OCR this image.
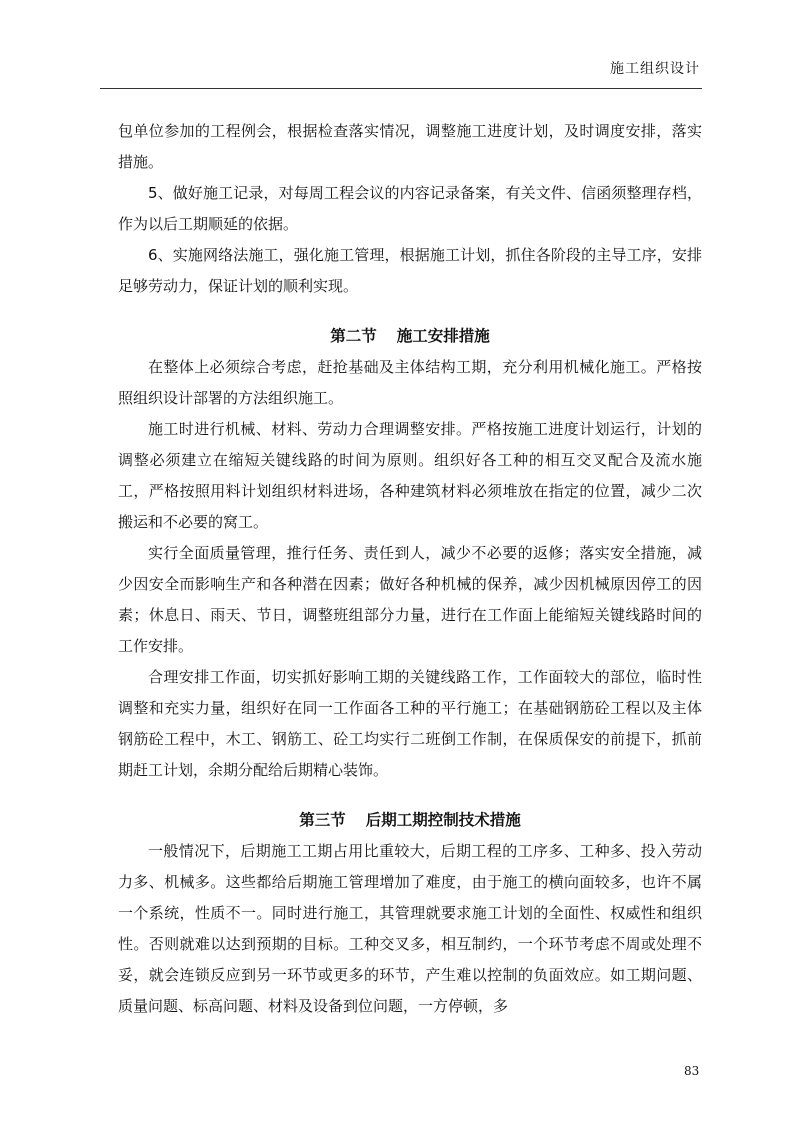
施工组织设计

包单位参加的工程例会，根据检查落实情况，调整施工进度计划，及时调度安排，落实措施。

5、做好施工记录，对每周工程会议的内容记录备案，有关文件、信函须整理存档，作为以后工期顺延的依据。

6、实施网络法施工，强化施工管理，根据施工计划，抓住各阶段的主导工序，安排足够劳动力，保证计划的顺利实现。

第二节 施工安排措施

在整体上必须综合考虑，赶抢基础及主体结构工期，充分利用机械化施工。严格按照组织设计部署的方法组织施工。

施工时进行机械、材料、劳动力合理调整安排。严格按施工进度计划运行，计划的调整必须建立在缩短关键线路的时间为原则。组织好各工种的相互交叉配合及流水施工，严格按照用料计划组织材料进场，各种建筑材料必须堆放在指定的位置，减少二次搬运和不必要的窝工。

实行全面质量管理，推行任务、责任到人，减少不必要的返修；落实安全措施，减少因安全而影响生产和各种潜在因素；做好各种机械的保养，减少因机械原因停工的因素；休息日、雨天、节日，调整班组部分力量，进行在工作面上能缩短关键线路时间的工作安排。

合理安排工作面，切实抓好影响工期的关键线路工作，工作面较大的部位，临时性调整和充实力量，组织好在同一工作面各工种的平行施工；在基础钢筋砼工程以及主体钢筋砼工程中，木工、钢筋工、砼工均实行二班倒工作制，在保质保安的前提下，抓前期赶工计划，余期分配给后期精心装饰。

第三节 后期工期控制技术措施

一般情况下，后期施工工期占用比重较大，后期工程的工序多、工种多、投入劳动力多、机械多。这些都给后期施工管理增加了难度，由于施工的横向面较多，也许不属一个系统，性质不一。同时进行施工，其管理就要求施工计划的全面性、权威性和组织性。否则就难以达到预期的目标。工种交叉多，相互制约，一个环节考虑不周或处理不妥，就会连锁反应到另一环节或更多的环节，产生难以控制的负面效应。如工期问题、质量问题、标高问题、材料及设备到位问题，一方停顿，多

83
